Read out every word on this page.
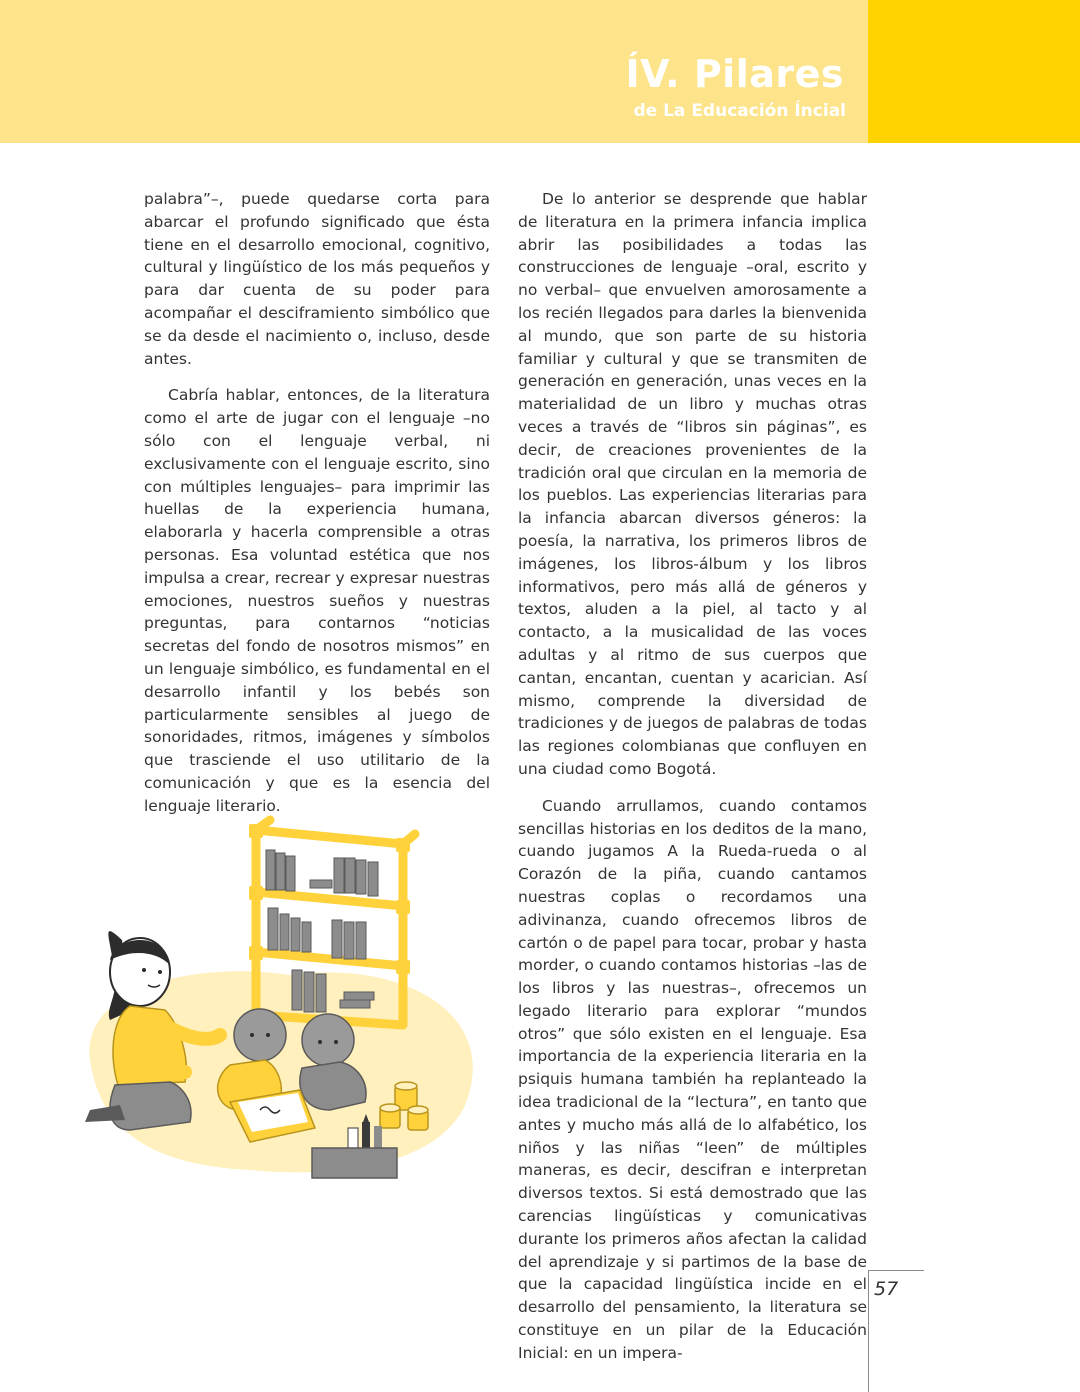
ÍV. Pilares
de La Educación Íncial

palabra”–, puede quedarse corta para abarcar el profundo significado que ésta tiene en el desarrollo emocional, cognitivo, cultural y lingüístico de los más pequeños y para dar cuenta de su poder para acompañar el desciframiento simbólico que se da desde el nacimiento o, incluso, desde antes.

Cabría hablar, entonces, de la literatura como el arte de jugar con el lenguaje –no sólo con el lenguaje verbal, ni exclusivamente con el lenguaje escrito, sino con múltiples lenguajes– para imprimir las huellas de la experiencia humana, elaborarla y hacerla comprensible a otras personas. Esa voluntad estética que nos impulsa a crear, recrear y expresar nuestras emociones, nuestros sueños y nuestras preguntas, para contarnos “noticias secretas del fondo de nosotros mismos” en un lenguaje simbólico, es fundamental en el desarrollo infantil y los bebés son particularmente sensibles al juego de sonoridades, ritmos, imágenes y símbolos que trasciende el uso utilitario de la comunicación y que es la esencia del lenguaje literario.

De lo anterior se desprende que hablar de literatura en la primera infancia implica abrir las posibilidades a todas las construcciones de lenguaje –oral, escrito y no verbal– que envuelven amorosamente a los recién llegados para darles la bienvenida al mundo, que son parte de su historia familiar y cultural y que se transmiten de generación en generación, unas veces en la materialidad de un libro y muchas otras veces a través de “libros sin páginas”, es decir, de creaciones provenientes de la tradición oral que circulan en la memoria de los pueblos. Las experiencias literarias para la infancia abarcan diversos géneros: la poesía, la narrativa, los primeros libros de imágenes, los libros-álbum y los libros informativos, pero más allá de géneros y textos, aluden a la piel, al tacto y al contacto, a la musicalidad de las voces adultas y al ritmo de sus cuerpos que cantan, encantan, cuentan y acarician. Así mismo, comprende la diversidad de tradiciones y de juegos de palabras de todas las regiones colombianas que confluyen en una ciudad como Bogotá.

Cuando arrullamos, cuando contamos sencillas historias en los deditos de la mano, cuando jugamos A la Rueda-rueda o al Corazón de la piña, cuando cantamos nuestras coplas o recordamos una adivinanza, cuando ofrecemos libros de cartón o de papel para tocar, probar y hasta morder, o cuando contamos historias –las de los libros y las nuestras–, ofrecemos un legado literario para explorar “mundos otros” que sólo existen en el lenguaje. Esa importancia de la experiencia literaria en la psiquis humana también ha replanteado la idea tradicional de la “lectura”, en tanto que antes y mucho más allá de lo alfabético, los niños y las niñas “leen” de múltiples maneras, es decir, descifran e interpretan diversos textos. Si está demostrado que las carencias lingüísticas y comunicativas durante los primeros años afectan la calidad del aprendizaje y si partimos de la base de que la capacidad lingüística incide en el desarrollo del pensamiento, la literatura se constituye en un pilar de la Educación Inicial: en un impera-

57
